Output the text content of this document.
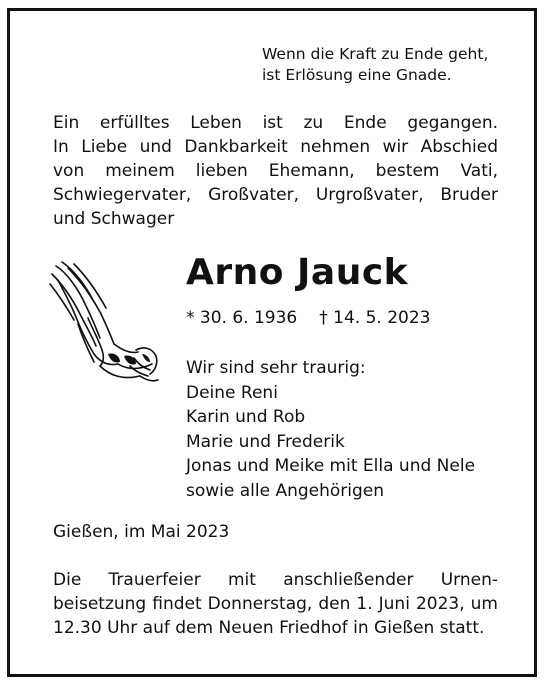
Wenn die Kraft zu Ende geht,
ist Erlösung eine Gnade.
Ein erfülltes Leben ist zu Ende gegangen.
In Liebe und Dankbarkeit nehmen wir Abschied
von meinem lieben Ehemann, bestem Vati,
Schwiegervater, Großvater, Urgroßvater, Bruder
und Schwager
Arno Jauck
* 30. 6. 1936 † 14. 5. 2023
Wir sind sehr traurig:
Deine Reni
Karin und Rob
Marie und Frederik
Jonas und Meike mit Ella und Nele
sowie alle Angehörigen
Gießen, im Mai 2023
Die Trauerfeier mit anschließender Urnen-
beisetzung findet Donnerstag, den 1. Juni 2023, um
12.30 Uhr auf dem Neuen Friedhof in Gießen statt.
